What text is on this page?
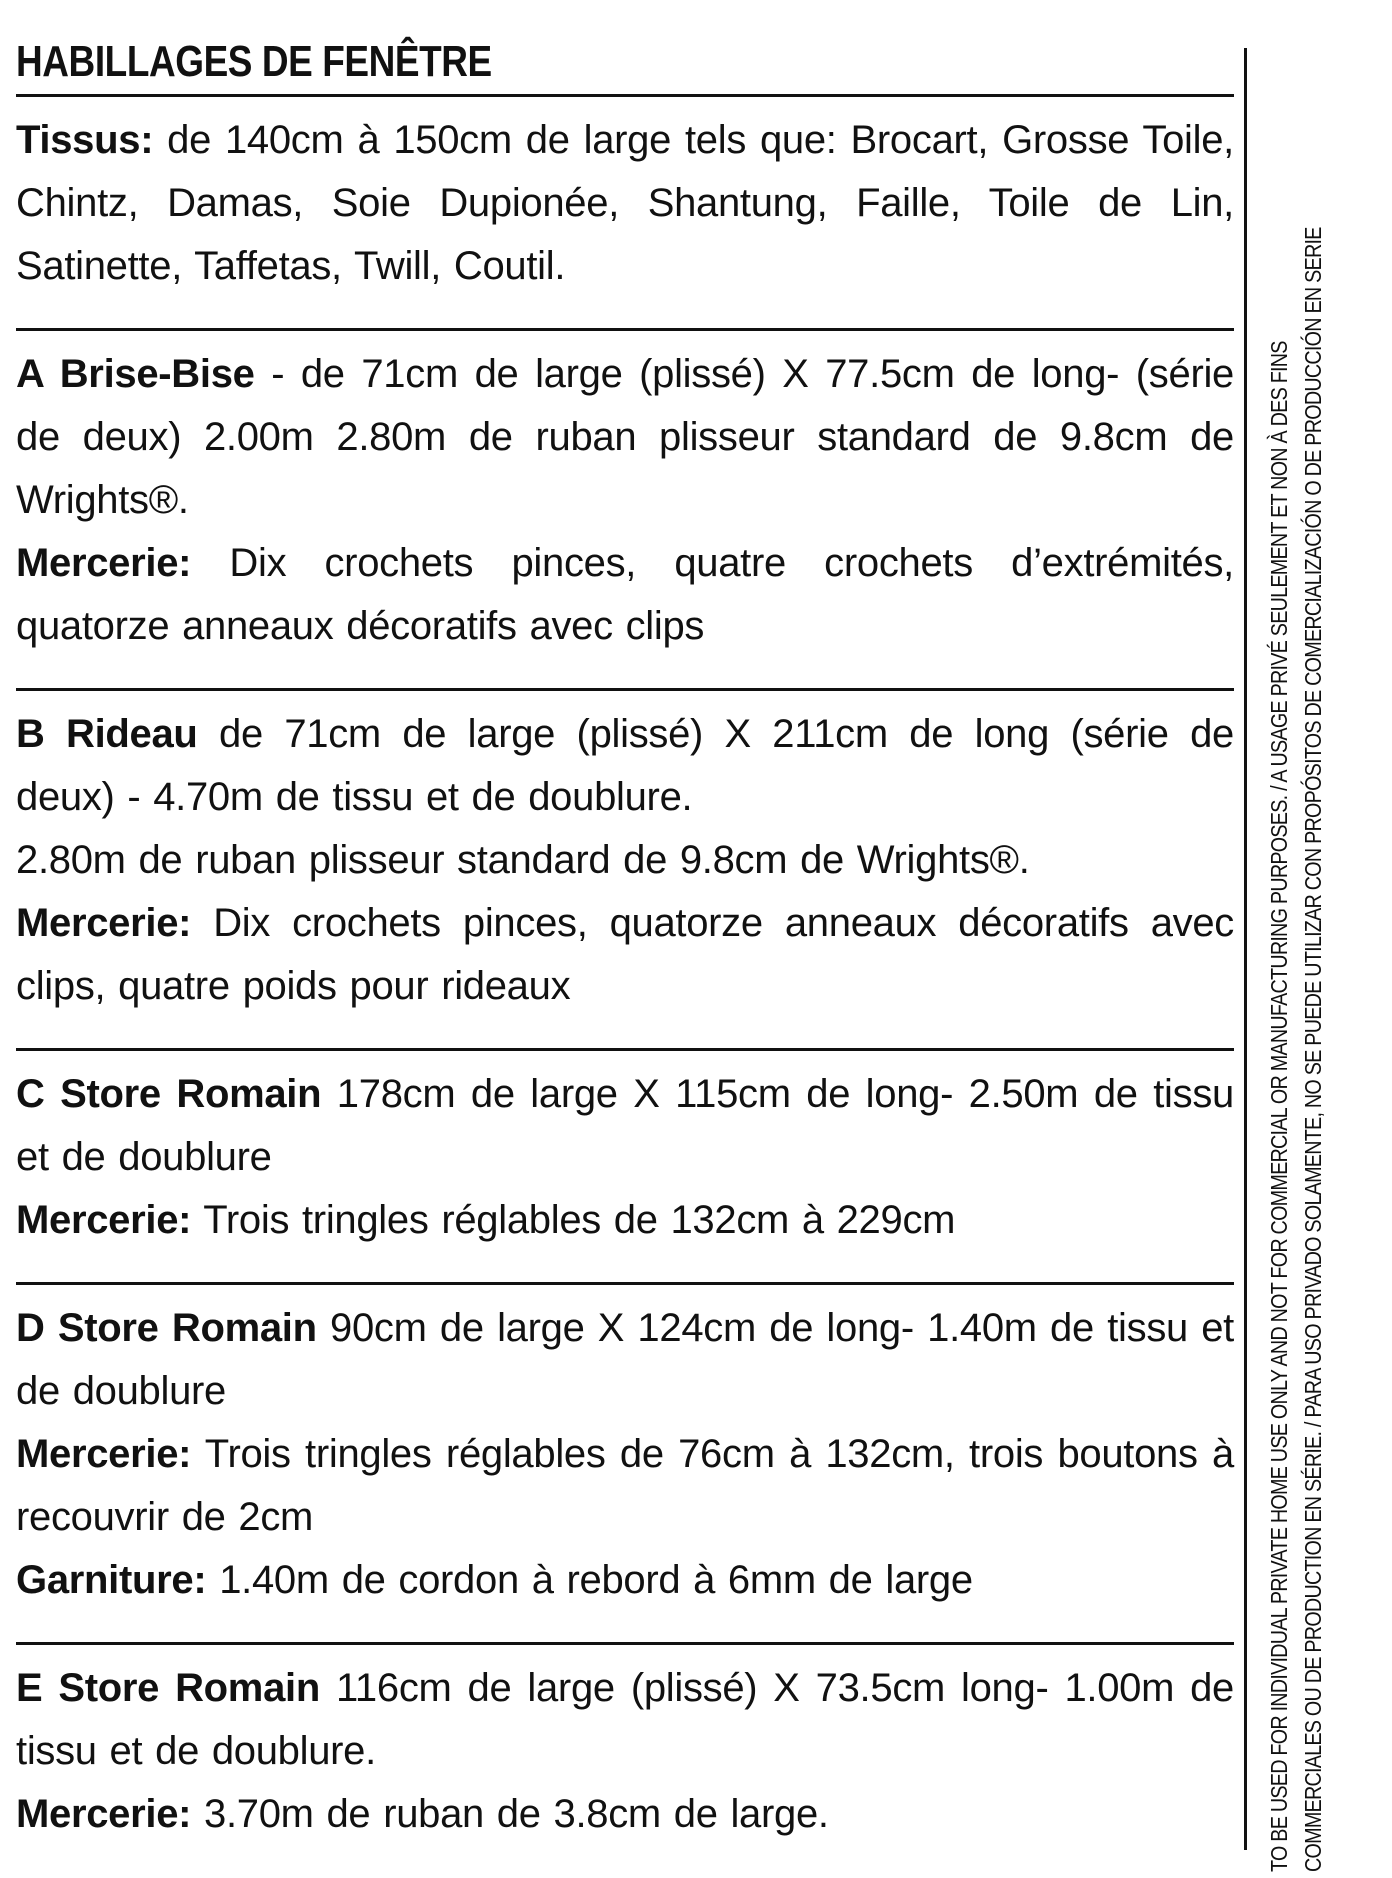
HABILLAGES DE FENÊTRE

Tissus: de 140cm à 150cm de large tels que: Brocart, Grosse Toile, Chintz, Damas, Soie Dupionée, Shantung, Faille, Toile de Lin, Satinette, Taffetas, Twill, Coutil.

A Brise-Bise - de 71cm de large (plissé) X 77.5cm de long- (série de deux) 2.00m 2.80m de ruban plisseur standard de 9.8cm de Wrights®.

Mercerie: Dix crochets pinces, quatre crochets d’extrémités, quatorze anneaux décoratifs avec clips

B Rideau de 71cm de large (plissé) X 211cm de long (série de deux) - 4.70m de tissu et de doublure.

2.80m de ruban plisseur standard de 9.8cm de Wrights®.

Mercerie: Dix crochets pinces, quatorze anneaux décoratifs avec clips, quatre poids pour rideaux

C Store Romain 178cm de large X 115cm de long- 2.50m de tissu et de doublure

Mercerie: Trois tringles réglables de 132cm à 229cm

D Store Romain 90cm de large X 124cm de long- 1.40m de tissu et de doublure

Mercerie: Trois tringles réglables de 76cm à 132cm, trois boutons à recouvrir de 2cm

Garniture: 1.40m de cordon à rebord à 6mm de large

E Store Romain 116cm de large (plissé) X 73.5cm long- 1.00m de tissu et de doublure.

Mercerie: 3.70m de ruban de 3.8cm de large.	TO BE USED FOR INDIVIDUAL PRIVATE HOME USE ONLY AND NOT FOR COMMERCIAL OR MANUFACTURING PURPOSES. / A USAGE PRIVÉ SEULEMENT ET NON À DES FINS COMMERCIALES OU DE PRODUCTION EN SÉRIE. / PARA USO PRIVADO SOLAMENTE, NO SE PUEDE UTILIZAR CON PROPÓSITOS DE COMERCIALIZACIÓN O DE PRODUCCIÓN EN SERIE
